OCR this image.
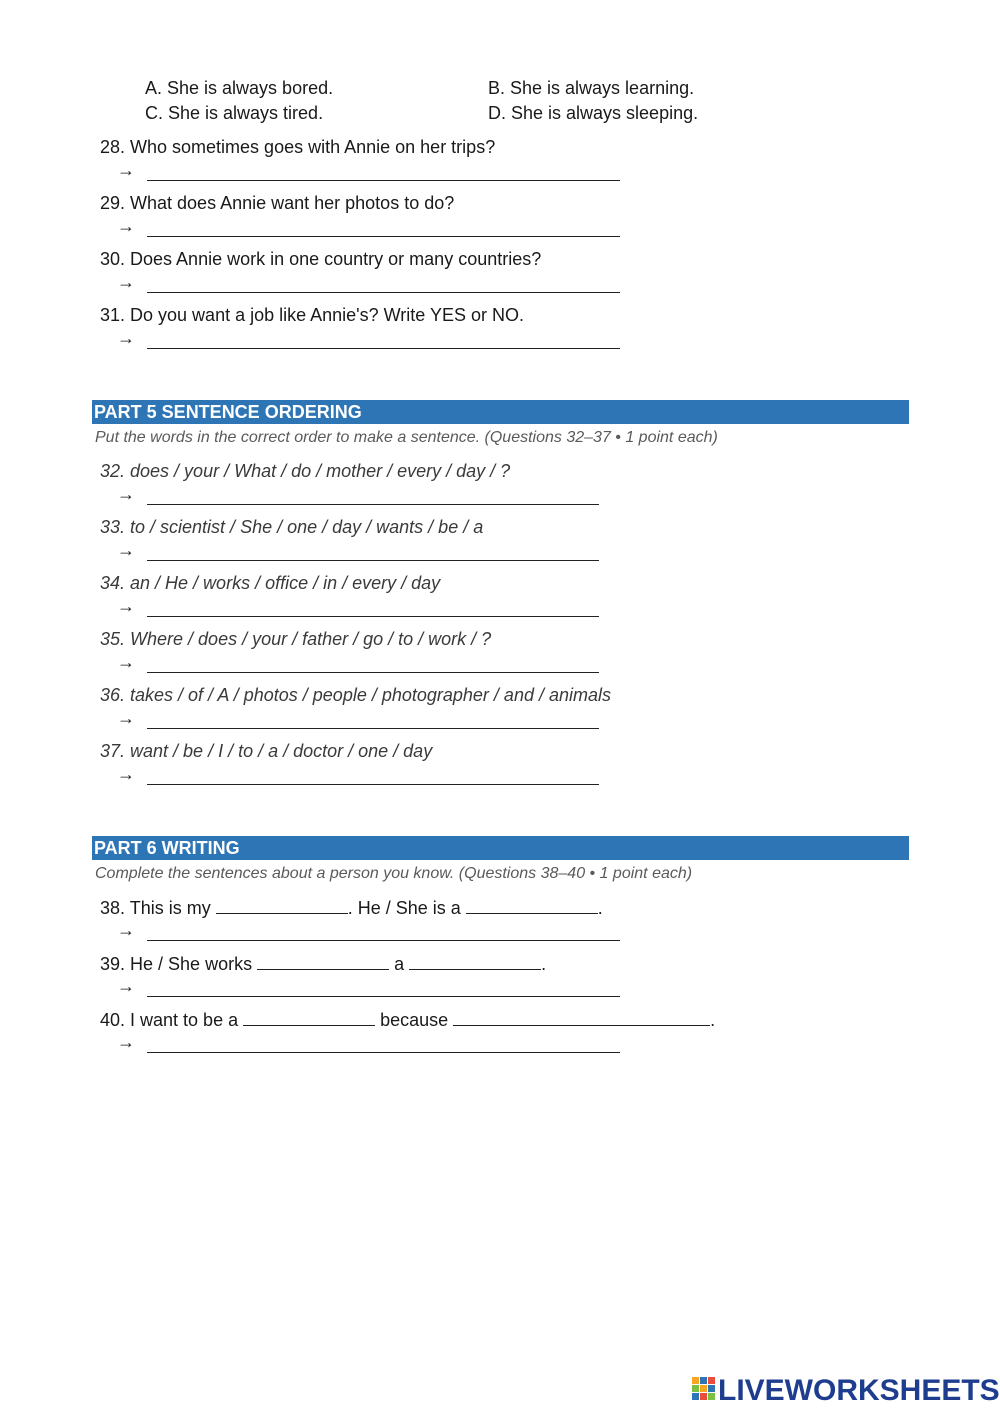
A. She is always bored.	B. She is always learning.
C. She is always tired.	D. She is always sleeping.
28. Who sometimes goes with Annie on her trips?
→
29. What does Annie want her photos to do?
→
30. Does Annie work in one country or many countries?
→
31. Do you want a job like Annie's? Write YES or NO.
→
PART 5 SENTENCE ORDERING
Put the words in the correct order to make a sentence. (Questions 32–37 • 1 point each)
32. does / your / What / do / mother / every / day / ?
→
33. to / scientist / She / one / day / wants / be / a
→
34. an / He / works / office / in / every / day
→
35. Where / does / your / father / go / to / work / ?
→
36. takes / of / A / photos / people / photographer / and / animals
→
37. want / be / I / to / a / doctor / one / day
→
PART 6 WRITING
Complete the sentences about a person you know. (Questions 38–40 • 1 point each)
38. This is my	. He / She is a	.
→
39. He / She works	a	.
→
40. I want to be a	because	.
→
LIVEWORKSHEETS
